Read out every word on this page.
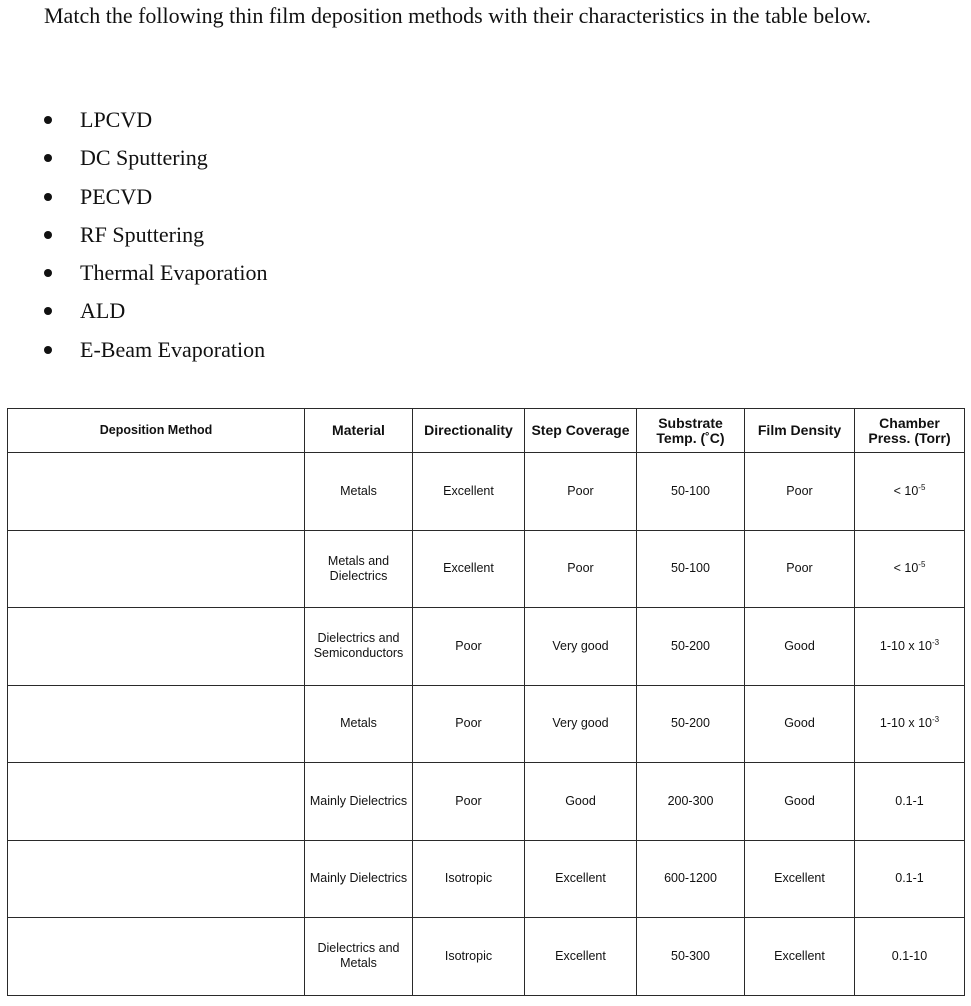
Match the following thin film deposition methods with their characteristics in the table below.

LPCVD
DC Sputtering
PECVD
RF Sputtering
Thermal Evaporation
ALD
E-Beam Evaporation
Deposition Method	Material	Directionality	Step Coverage	Substrate Temp. (˚C)	Film Density	Chamber Press. (Torr)
	Metals	Excellent	Poor	50-100	Poor	< $10^{-5}$
	Metals and Dielectrics	Excellent	Poor	50-100	Poor	< $10^{-5}$
	Dielectrics and Semiconductors	Poor	Very good	50-200	Good	1-10 x $10^{-3}$
	Metals	Poor	Very good	50-200	Good	1-10 x $10^{-3}$
	Mainly Dielectrics	Poor	Good	200-300	Good	0.1-1
	Mainly Dielectrics	Isotropic	Excellent	600-1200	Excellent	0.1-1
	Dielectrics and Metals	Isotropic	Excellent	50-300	Excellent	0.1-10
